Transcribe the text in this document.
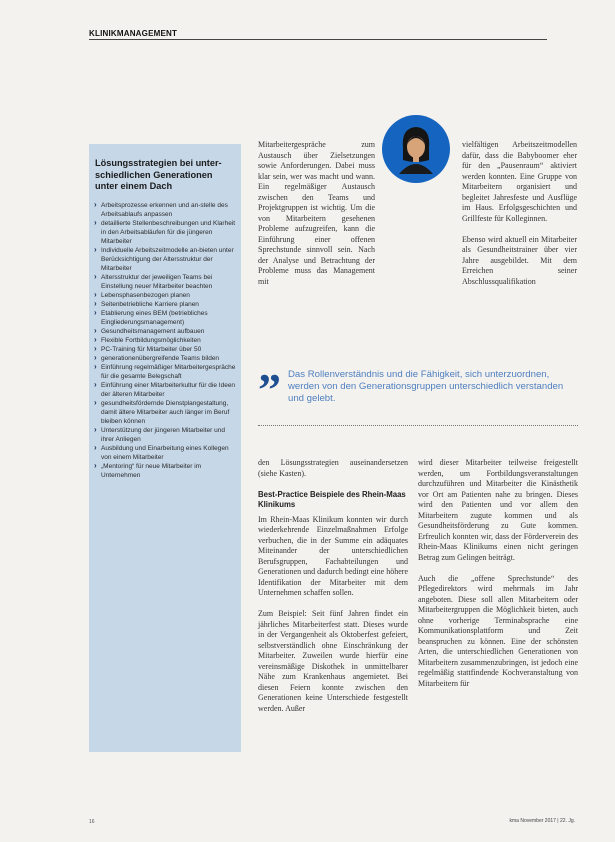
KLINIKMANAGEMENT
Lösungsstrategien bei unter-schiedlichen Generationen unter einem Dach
› Arbeitsprozesse erkennen und an-stelle des Arbeitsablaufs anpassen
› detaillierte Stellenbeschreibungen und Klarheit in den Arbeitsabläufen für die jüngeren Mitarbeiter
› Individuelle Arbeitszeitmodelle an-bieten unter Berücksichtigung der Altersstruktur der Mitarbeiter
› Altersstruktur der jeweiligen Teams bei Einstellung neuer Mitarbeiter beachten
› Lebensphasenbezogen planen
› Seitenbetriebliche Karriere planen
› Etablierung eines BEM (betriebliches Eingliederungsmanagement)
› Gesundheitsmanagement aufbauen
› Flexible Fortbildungsmöglichkeiten
› PC-Training für Mitarbeiter über 50
› generationenübergreifende Teams bilden
› Einführung regelmäßiger Mitarbeitergespräche für die gesamte Belegschaft
› Einführung einer Mitarbeiterkultur für die Ideen der älteren Mitarbeiter
› gesundheitsfördernde Dienstplangestaltung, damit ältere Mitarbeiter auch länger im Beruf bleiben können
› Unterstützung der jüngeren Mitarbeiter und ihrer Anliegen
› Ausbildung und Einarbeitung eines Kollegen von einem Mitarbeiter
› „Mentoring“ für neue Mitarbeiter im Unternehmen

Mitarbeitergespräche zum Austausch über Zielsetzungen sowie Anforderungen. Dabei muss klar sein, wer was macht und wann. Ein regelmäßiger Austausch zwischen den Teams und Projektgruppen ist wichtig. Um die von Mitarbeitern gesehenen Probleme aufzugreifen, kann die Einführung einer offenen Sprechstunde sinnvoll sein. Nach der Analyse und Betrachtung der Probleme muss das Management mit

vielfältigen Arbeitszeitmodellen dafür, dass die Babyboomer eher für den „Pausenraum“ aktiviert werden konnten. Eine Gruppe von Mitarbeitern organisiert und begleitet Jahresfeste und Ausflüge im Haus. Erfolgsgeschichten und Grillfeste für Kolleginnen.

Ebenso wird aktuell ein Mitarbeiter als Gesundheitstrainer über vier Jahre ausgebildet. Mit dem Erreichen seiner Abschlussqualifikation

” Das Rollenverständnis und die Fähigkeit, sich unterzuordnen, werden von den Generationsgruppen unterschiedlich verstanden und gelebt.

den Lösungsstrategien auseinandersetzen (siehe Kasten).

Best-Practice Beispiele des Rhein-Maas Klinikums

Im Rhein-Maas Klinikum konnten wir durch wiederkehrende Einzelmaßnahmen Erfolge verbuchen, die in der Summe ein adäquates Miteinander der unterschiedlichen Berufsgruppen, Fachabteilungen und Generationen und dadurch bedingt eine höhere Identifikation der Mitarbeiter mit dem Unternehmen schaffen sollen.

Zum Beispiel: Seit fünf Jahren findet ein jährliches Mitarbeiterfest statt. Dieses wurde in der Vergangenheit als Oktoberfest gefeiert, selbstverständlich ohne Einschränkung der Mitarbeiter. Zuweilen wurde hierfür eine vereinsmäßige Diskothek in unmittelbarer Nähe zum Krankenhaus angemietet. Bei diesen Feiern konnte zwischen den Generationen keine Unterschiede festgestellt werden. Außer

wird dieser Mitarbeiter teilweise freigestellt werden, um Fortbildungsveranstaltungen durchzuführen und Mitarbeiter die Kinästhetik vor Ort am Patienten nahe zu bringen. Dieses wird den Patienten und vor allem den Mitarbeitern zugute kommen und als Gesundheitsförderung zu Gute kommen. Erfreulich konnten wir, dass der Förderverein des Rhein-Maas Klinikums einen nicht geringen Betrag zum Gelingen beiträgt.

Auch die „offene Sprechstunde“ des Pflegedirektors wird mehrmals im Jahr angeboten. Diese soll allen Mitarbeitern oder Mitarbeitergruppen die Möglichkeit bieten, auch ohne vorherige Terminabsprache eine Kommunikationsplattform und Zeit beanspruchen zu können. Eine der schönsten Arten, die unterschiedlichen Generationen von Mitarbeitern zusammenzubringen, ist jedoch eine regelmäßig stattfindende Kochveranstaltung von Mitarbeitern für

16	kma November 2017 | 22. Jg.
